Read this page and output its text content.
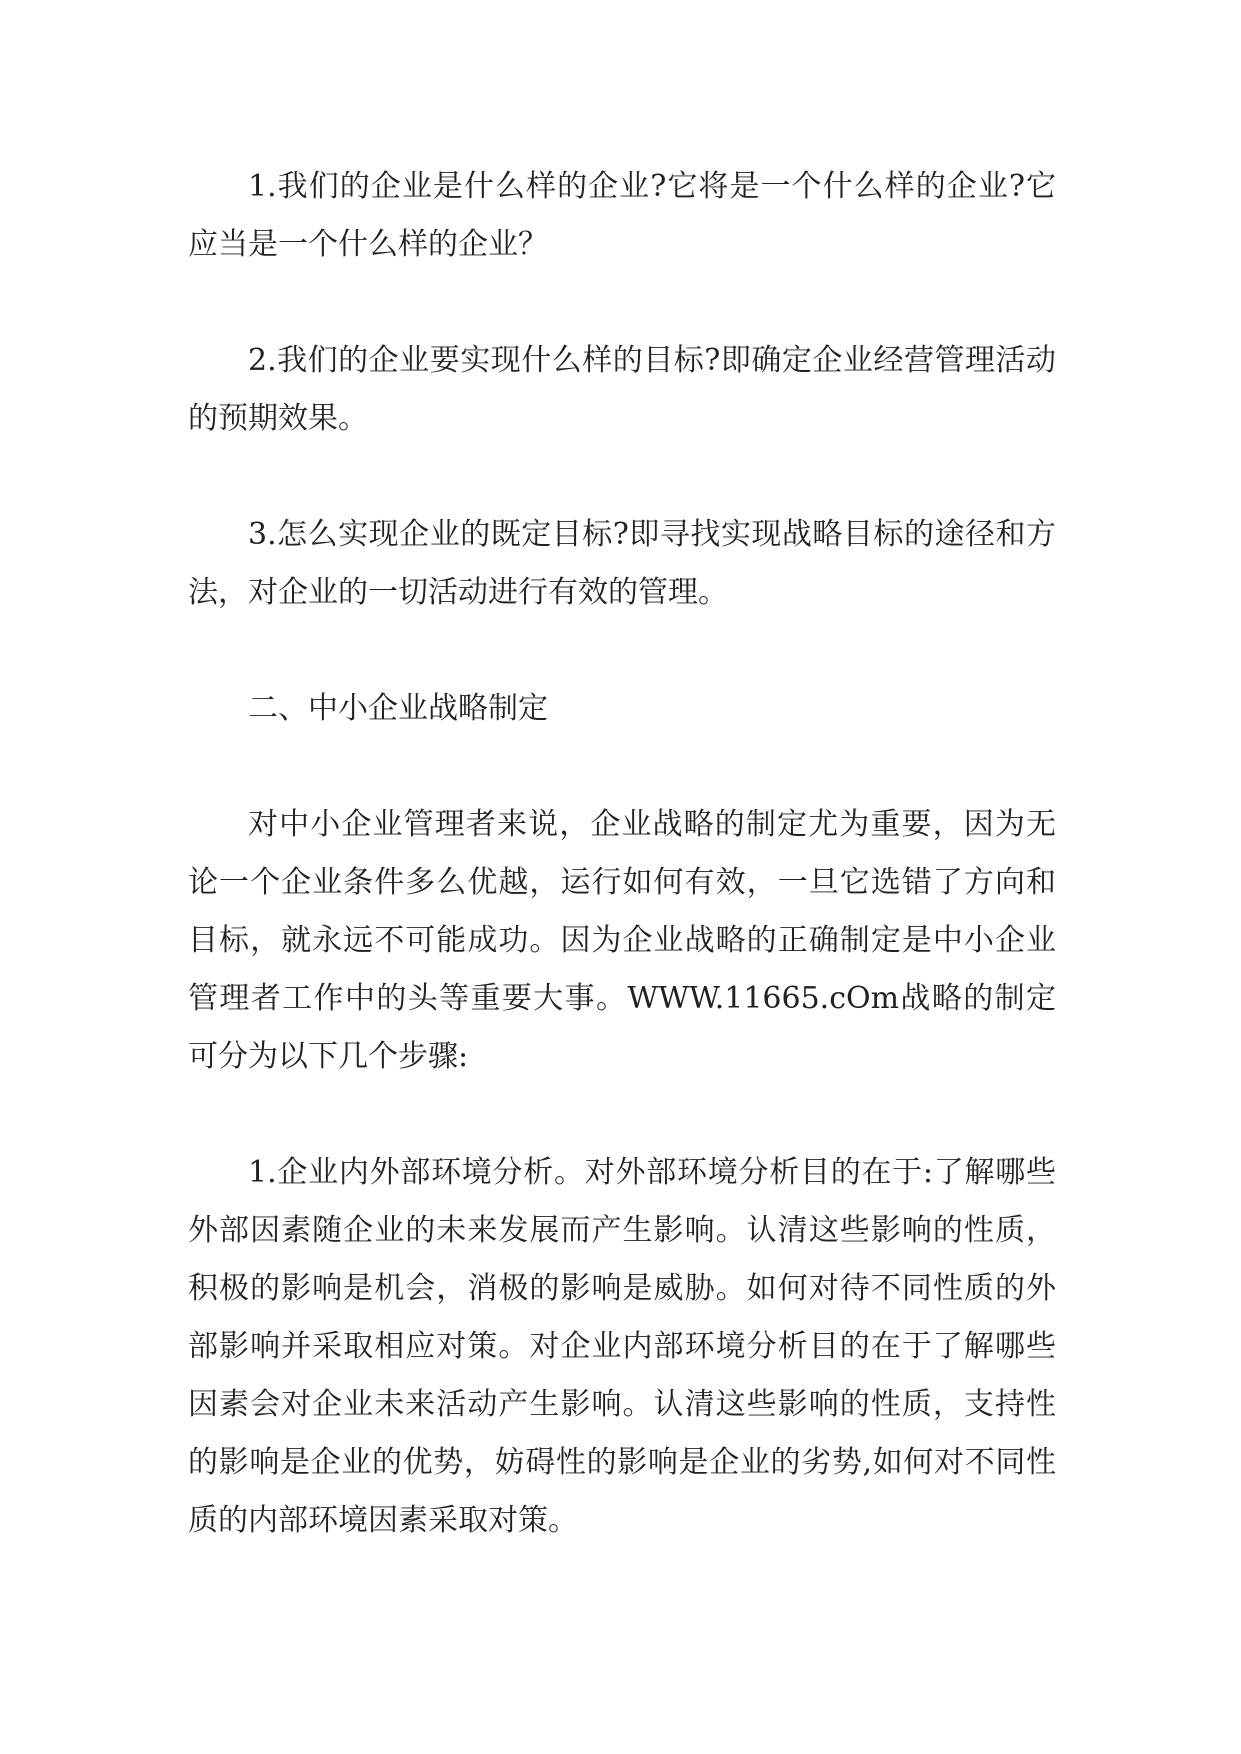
1.我们的企业是什么样的企业?它将是一个什么样的企业?它应当是一个什么样的企业？

2.我们的企业要实现什么样的目标?即确定企业经营管理活动的预期效果。

3.怎么实现企业的既定目标?即寻找实现战略目标的途径和方法，对企业的一切活动进行有效的管理。

二、中小企业战略制定

对中小企业管理者来说，企业战略的制定尤为重要，因为无论一个企业条件多么优越，运行如何有效，一旦它选错了方向和目标，就永远不可能成功。因为企业战略的正确制定是中小企业管理者工作中的头等重要大事。WWW.11665.cOm战略的制定可分为以下几个步骤:

1.企业内外部环境分析。对外部环境分析目的在于:了解哪些外部因素随企业的未来发展而产生影响。认清这些影响的性质，积极的影响是机会，消极的影响是威胁。如何对待不同性质的外部影响并采取相应对策。对企业内部环境分析目的在于了解哪些因素会对企业未来活动产生影响。认清这些影响的性质，支持性的影响是企业的优势，妨碍性的影响是企业的劣势,如何对不同性质的内部环境因素采取对策。
